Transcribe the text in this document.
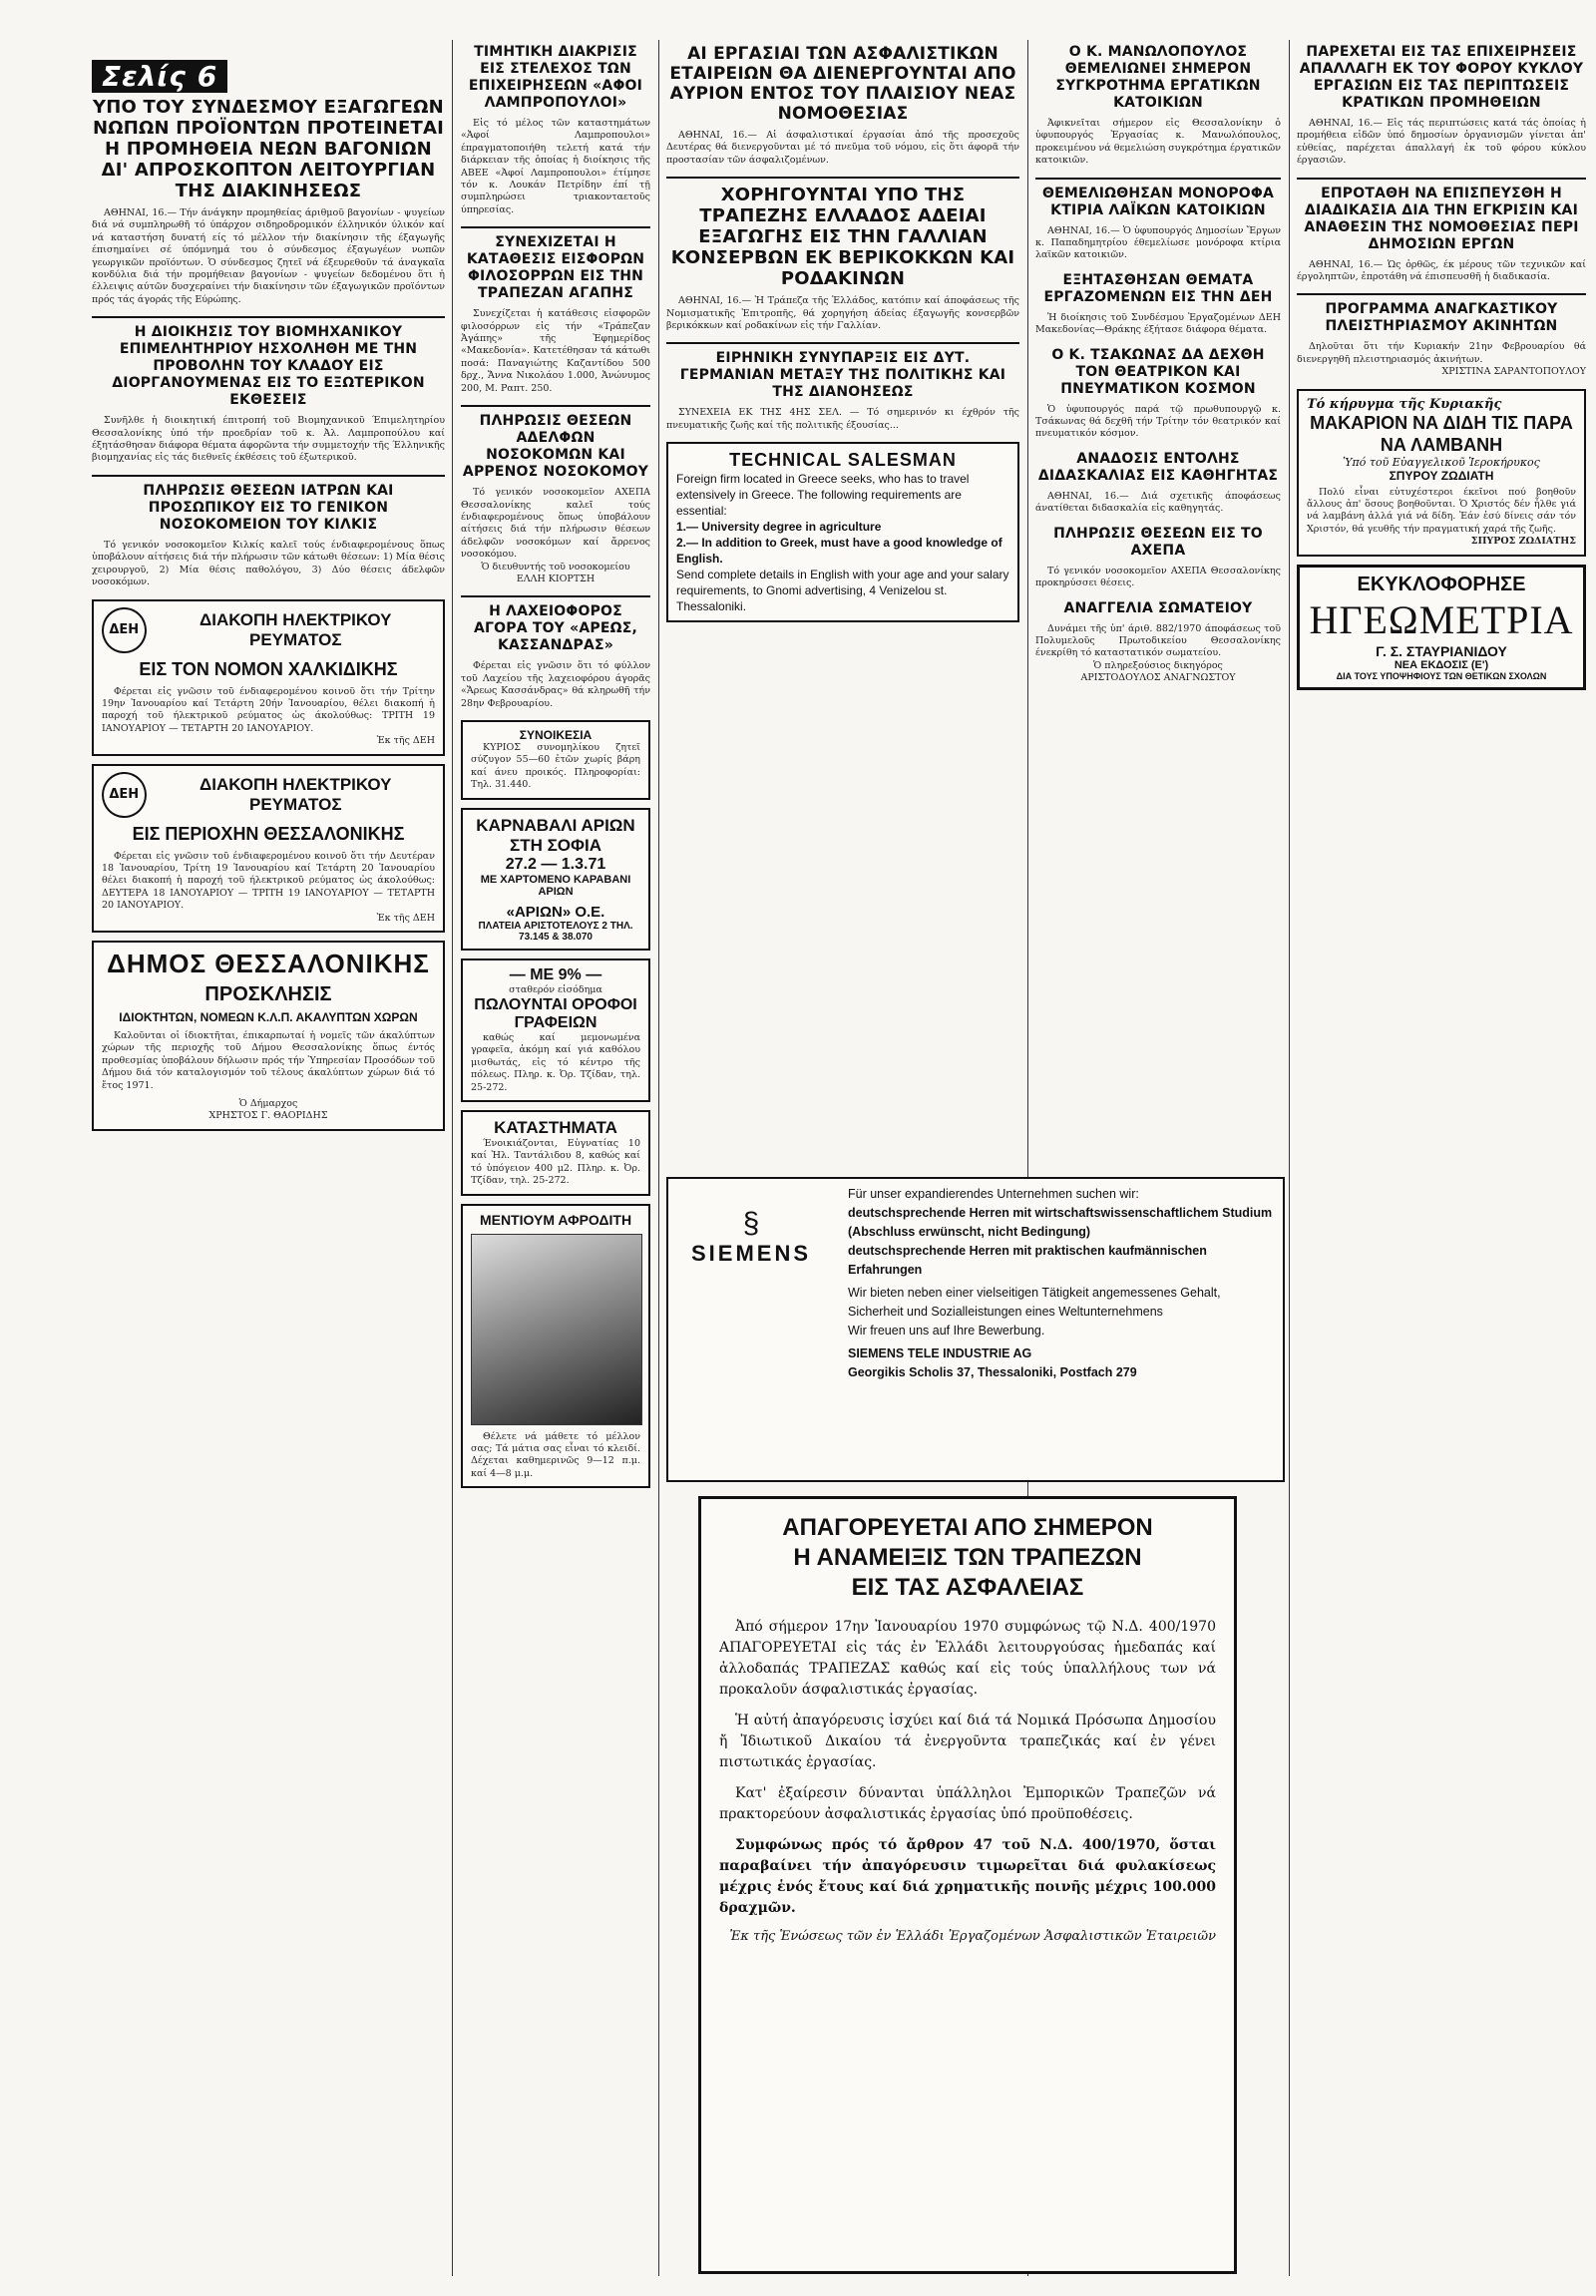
Σελίς 6
ΥΠΟ ΤΟΥ ΣΥΝΔΕΣΜΟΥ ΕΞΑΓΩΓΕΩΝ ΝΩΠΩΝ ΠΡΟΪΟΝΤΩΝ ΠΡΟΤΕΙΝΕΤΑΙ Η ΠΡΟΜΗΘΕΙΑ ΝΕΩΝ ΒΑΓΟΝΙΩΝ ΔΙ' ΑΠΡΟΣΚΟΠΤΟΝ ΛΕΙΤΟΥΡΓΙΑΝ ΤΗΣ ΔΙΑΚΙΝΗΣΕΩΣ

ΑΘΗΝΑΙ, 16.— Τήν άνάγκην προμηθείας άριθμοῦ βαγονίων - ψυγείων διά νά συμπληρωθῆ τό ύπάρχον σιδηροδρομικόν έλληνικόν ύλικόν καί νά καταστήση δυνατή είς τό μέλλον τήν διακίνησιν τῆς έξαγωγῆς έπισημαίνει σέ ύπόμνημά του ὁ σύνδεσμος έξαγωγέων νωπῶν γεωργικῶν προϊόντων. Ὁ σύνδεσμος ζητεῖ νά έξευρεθοῦν τά άναγκαῖα κονδύλια διά τήν προμήθειαν βαγονίων - ψυγείων δεδομένου ὅτι ἡ έλλειψις αύτῶν δυσχεραίνει τήν διακίνησιν τῶν έξαγωγικῶν προϊόντων πρός τάς άγοράς τῆς Εύρώπης.

Η ΔΙΟΙΚΗΣΙΣ ΤΟΥ ΒΙΟΜΗΧΑΝΙΚΟΥ ΕΠΙΜΕΛΗΤΗΡΙΟΥ ΗΣΧΟΛΗΘΗ ΜΕ ΤΗΝ ΠΡΟΒΟΛΗΝ ΤΟΥ ΚΛΑΔΟΥ ΕΙΣ ΔΙΟΡΓΑΝΟΥΜΕΝΑΣ ΕΙΣ ΤΟ ΕΞΩΤΕΡΙΚΟΝ ΕΚΘΕΣΕΙΣ

Συνῆλθε ἡ διοικητική έπιτροπή τοῦ Βιομηχανικοῦ Έπιμελητηρίου Θεσσαλονίκης ὑπό τήν προεδρίαν τοῦ κ. Ἀλ. Λαμπροπούλου καί έξητάσθησαν διάφορα θέματα άφορῶντα τήν συμμετοχήν τῆς Έλληνικῆς βιομηχανίας εἰς τάς διεθνεῖς έκθέσεις τοῦ έξωτερικοῦ.

ΠΛΗΡΩΣΙΣ ΘΕΣΕΩΝ ΙΑΤΡΩΝ ΚΑΙ ΠΡΟΣΩΠΙΚΟΥ ΕΙΣ ΤΟ ΓΕΝΙΚΟΝ ΝΟΣΟΚΟΜΕΙΟΝ ΤΟΥ ΚΙΛΚΙΣ

Τό γενικόν νοσοκομεῖον Κιλκίς καλεῖ τούς ένδιαφερομένους ὅπως ὑποβάλουν αίτήσεις διά τήν πλήρωσιν τῶν κάτωθι θέσεων: 1) Μία θέσις χειρουργοῦ, 2) Μία θέσις παθολόγου, 3) Δύο θέσεις άδελφῶν νοσοκόμων.

ΔΕΗ
ΔΙΑΚΟΠΗ ΗΛΕΚΤΡΙΚΟΥ ΡΕΥΜΑΤΟΣ
ΕΙΣ ΤΟΝ ΝΟΜΟΝ ΧΑΛΚΙΔΙΚΗΣ

Φέρεται εἰς γνῶσιν τοῦ ένδιαφερομένου κοινοῦ ὅτι τήν Τρίτην 19ην Ἰανουαρίου καί Τετάρτη 20ήν Ἰανουαρίου, θέλει διακοπή ἡ παροχή τοῦ ήλεκτρικοῦ ρεύματος ὡς άκολούθως: ΤΡΙΤΗ 19 ΙΑΝΟΥΑΡΙΟΥ — ΤΕΤΑΡΤΗ 20 ΙΑΝΟΥΑΡΙΟΥ.

Ἐκ τῆς ΔΕΗ
ΔΕΗ
ΔΙΑΚΟΠΗ ΗΛΕΚΤΡΙΚΟΥ ΡΕΥΜΑΤΟΣ
ΕΙΣ ΠΕΡΙΟΧΗΝ ΘΕΣΣΑΛΟΝΙΚΗΣ

Φέρεται εἰς γνῶσιν τοῦ ένδιαφερομένου κοινοῦ ὅτι τήν Δευτέραν 18 Ἰανουαρίου, Τρίτη 19 Ἰανουαρίου καί Τετάρτη 20 Ἰανουαρίου θέλει διακοπή ἡ παροχή τοῦ ήλεκτρικοῦ ρεύματος ὡς άκολούθως: ΔΕΥΤΕΡΑ 18 ΙΑΝΟΥΑΡΙΟΥ — ΤΡΙΤΗ 19 ΙΑΝΟΥΑΡΙΟΥ — ΤΕΤΑΡΤΗ 20 ΙΑΝΟΥΑΡΙΟΥ.

Ἐκ τῆς ΔΕΗ
ΔΗΜΟΣ ΘΕΣΣΑΛΟΝΙΚΗΣ
ΠΡΟΣΚΛΗΣΙΣ
ΙΔΙΟΚΤΗΤΩΝ, ΝΟΜΕΩΝ Κ.Λ.Π. ΑΚΑΛΥΠΤΩΝ ΧΩΡΩΝ

Καλοῦνται οἱ ίδιοκτῆται, έπικαρπωταί ἡ νομεῖς τῶν άκαλύπτων χώρων τῆς περιοχῆς τοῦ Δήμου Θεσσαλονίκης ὅπως έντός προθεσμίας ὑποβάλουν δήλωσιν πρός τήν Ὑπηρεσίαν Προσόδων τοῦ Δήμου διά τόν καταλογισμόν τοῦ τέλους άκαλύπτων χώρων διά τό ἔτος 1971.

Ὁ Δήμαρχος
ΧΡΗΣΤΟΣ Γ. ΘΑΟΡΙΔΗΣ
ΤΙΜΗΤΙΚΗ ΔΙΑΚΡΙΣΙΣ ΕΙΣ ΣΤΕΛΕΧΟΣ ΤΩΝ ΕΠΙΧΕΙΡΗΣΕΩΝ «ΑΦΟΙ ΛΑΜΠΡΟΠΟΥΛΟΙ»

Εἰς τό μέλος τῶν καταστημάτων «Ἀφοί Λαμπροπουλοι» έπραγματοποιήθη τελετή κατά τήν διάρκειαν τῆς ὁποίας ἡ διοίκησις τῆς ΑΒΕΕ «Ἀφοί Λαμπροπουλοι» έτίμησε τόν κ. Λουκάν Πετρίδην έπί τῇ συμπληρώσει τριακονταετοῦς ύπηρεσίας.

ΣΥΝΕΧΙΖΕΤΑΙ Η ΚΑΤΑΘΕΣΙΣ ΕΙΣΦΟΡΩΝ ΦΙΛΟΣΟΡΡΩΝ ΕΙΣ ΤΗΝ ΤΡΑΠΕΖΑΝ ΑΓΑΠΗΣ

Συνεχίζεται ἡ κατάθεσις εἰσφορῶν φιλοσόρρων εἰς τήν «Τράπεζαν Ἀγάπης» τῆς Ἐφημερίδος «Μακεδονία». Κατετέθησαν τά κάτωθι ποσά: Παναγιώτης Καζαντίδου 500 δρχ., Ἄννα Νικολάου 1.000, Ἀνώνυμος 200, Μ. Ραπτ. 250.

ΠΛΗΡΩΣΙΣ ΘΕΣΕΩΝ ΑΔΕΛΦΩΝ ΝΟΣΟΚΟΜΩΝ ΚΑΙ ΑΡΡΕΝΟΣ ΝΟΣΟΚΟΜΟΥ

Τό γενικόν νοσοκομεῖον ΑΧΕΠΑ Θεσσαλονίκης καλεῖ τούς ένδιαφερομένους ὅπως ὑποβάλουν αίτήσεις διά τήν πλήρωσιν θέσεων άδελφῶν νοσοκόμων καί ἄρρενος νοσοκόμου.

Ὁ διευθυντής τοῦ νοσοκομείου
ΕΛΛΗ ΚΙΟΡΤΣΗ
Η ΛΑΧΕΙΟΦΟΡΟΣ ΑΓΟΡΑ ΤΟΥ «ΑΡΕΩΣ, ΚΑΣΣΑΝΔΡΑΣ»

Φέρεται εἰς γνῶσιν ὅτι τό φύλλον τοῦ Λαχείου τῆς λαχειοφόρου άγορᾶς «Ἄρεως Κασσάνδρας» θά κληρωθῆ τήν 28ην Φεβρουαρίου.

ΣΥΝΟΙΚΕΣΙΑ

ΚΥΡΙΟΣ συνομηλίκου ζητεῖ σύζυγον 55—60 ἐτῶν χωρίς βάρη καί άνευ προικός. Πληροφορίαι: Τηλ. 31.440.

ΚΑΡΝΑΒΑΛΙ ΑΡΙΩΝ ΣΤΗ ΣΟΦΙΑ
27.2 — 1.3.71
ΜΕ ΧΑΡΤΟΜΕΝΟ ΚΑΡΑΒΑΝΙ ΑΡΙΩΝ
«ΑΡΙΩΝ» Ο.Ε.
ΠΛΑΤΕΙΑ ΑΡΙΣΤΟΤΕΛΟΥΣ 2 ΤΗΛ. 73.145 & 38.070
— ΜΕ 9% —
σταθερόν εἰσόδημα
ΠΩΛΟΥΝΤΑΙ ΟΡΟΦΟΙ ΓΡΑΦΕΙΩΝ

καθώς καί μεμονωμένα γραφεῖα, ἀκόμη καί γιά καθόλου μισθωτάς, εἰς τό κέντρο τῆς πόλεως. Πληρ. κ. Ὀρ. Τζίδαν, τηλ. 25-272.

ΚΑΤΑΣΤΗΜΑΤΑ

Ένοικιάζονται, Εὐγνατίας 10 καί Ἠλ. Ταντάλιδου 8, καθώς καί τό ὑπόγειον 400 μ2. Πληρ. κ. Ὀρ. Τζίδαν, τηλ. 25-272.

ΜΕΝΤΙΟΥΜ ΑΦΡΟΔΙΤΗ

Θέλετε νά μάθετε τό μέλλον σας; Τά μάτια σας εἶναι τό κλειδί. Δέχεται καθημερινῶς 9—12 π.μ. καί 4—8 μ.μ.

ΑΙ ΕΡΓΑΣΙΑΙ ΤΩΝ ΑΣΦΑΛΙΣΤΙΚΩΝ ΕΤΑΙΡΕΙΩΝ ΘΑ ΔΙΕΝΕΡΓΟΥΝΤΑΙ ΑΠΟ ΑΥΡΙΟΝ ΕΝΤΟΣ ΤΟΥ ΠΛΑΙΣΙΟΥ ΝΕΑΣ ΝΟΜΟΘΕΣΙΑΣ

ΑΘΗΝΑΙ, 16.— Αἱ άσφαλιστικαί έργασίαι ἀπό τῆς προσεχοῦς Δευτέρας θά διενεργοῦνται μέ τό πνεῦμα τοῦ νόμου, εἰς ὅτι άφορᾶ τήν προστασίαν τῶν άσφαλιζομένων.

ΧΟΡΗΓΟΥΝΤΑΙ ΥΠΟ ΤΗΣ ΤΡΑΠΕΖΗΣ ΕΛΛΑΔΟΣ ΑΔΕΙΑΙ ΕΞΑΓΩΓΗΣ ΕΙΣ ΤΗΝ ΓΑΛΛΙΑΝ ΚΟΝΣΕΡΒΩΝ ΕΚ ΒΕΡΙΚΟΚΚΩΝ ΚΑΙ ΡΟΔΑΚΙΝΩΝ

ΑΘΗΝΑΙ, 16.— Ἡ Τράπεζα τῆς Ἑλλάδος, κατόπιν καί άποφάσεως τῆς Νομισματικῆς Ἐπιτροπῆς, θά χορηγήση άδείας έξαγωγῆς κονσερβῶν βερικόκκων καί ροδακίνων εἰς τήν Γαλλίαν.

ΕΙΡΗΝΙΚΗ ΣΥΝΥΠΑΡΞΙΣ ΕΙΣ ΔΥΤ. ΓΕΡΜΑΝΙΑΝ ΜΕΤΑΞΥ ΤΗΣ ΠΟΛΙΤΙΚΗΣ ΚΑΙ ΤΗΣ ΔΙΑΝΟΗΣΕΩΣ

ΣΥΝΕΧΕΙΑ ΕΚ ΤΗΣ 4ΗΣ ΣΕΛ. — Τό σημερινόν κι έχθρόν τῆς πνευματικῆς ζωῆς καί τῆς πολιτικῆς έξουσίας...

TECHNICAL SALESMAN
Foreign firm located in Greece seeks, who has to travel extensively in Greece. The following requirements are essential:
1.— University degree in agriculture
2.— In addition to Greek, must have a good knowledge of English.
Send complete details in English with your age and your salary requirements, to Gnomi advertising, 4 Venizelou st. Thessaloniki.
Ο Κ. ΜΑΝΩΛΟΠΟΥΛΟΣ ΘΕΜΕΛΙΩΝΕΙ ΣΗΜΕΡΟΝ ΣΥΓΚΡΟΤΗΜΑ ΕΡΓΑΤΙΚΩΝ ΚΑΤΟΙΚΙΩΝ

Ἀφικνεῖται σήμερον εἰς Θεσσαλονίκην ὁ ὑφυπουργός Ἐργασίας κ. Μανωλόπουλος, προκειμένου νά θεμελιώση συγκρότημα έργατικῶν κατοικιῶν.

ΘΕΜΕΛΙΩΘΗΣΑΝ ΜΟΝΟΡΟΦΑ ΚΤΙΡΙΑ ΛΑΪΚΩΝ ΚΑΤΟΙΚΙΩΝ

ΑΘΗΝΑΙ, 16.— Ὁ ὑφυπουργός Δημοσίων Ἔργων κ. Παπαδημητρίου έθεμελίωσε μονόροφα κτίρια λαϊκῶν κατοικιῶν.

ΕΞΗΤΑΣΘΗΣΑΝ ΘΕΜΑΤΑ ΕΡΓΑΖΟΜΕΝΩΝ ΕΙΣ ΤΗΝ ΔΕΗ

Ἡ διοίκησις τοῦ Συνδέσμου Ἐργαζομένων ΔΕΗ Μακεδονίας—Θράκης έξήτασε διάφορα θέματα.

Ο Κ. ΤΣΑΚΩΝΑΣ ΔΑ ΔΕΧΘΗ ΤΟΝ ΘΕΑΤΡΙΚΟΝ ΚΑΙ ΠΝΕΥΜΑΤΙΚΟΝ ΚΟΣΜΟΝ

Ὁ ὑφυπουργός παρά τῷ πρωθυπουργῷ κ. Τσάκωνας θά δεχθῆ τήν Τρίτην τόν θεατρικόν καί πνευματικόν κόσμον.

ΑΝΑΔΟΣΙΣ ΕΝΤΟΛΗΣ ΔΙΔΑΣΚΑΛΙΑΣ ΕΙΣ ΚΑΘΗΓΗΤΑΣ

ΑΘΗΝΑΙ, 16.— Διά σχετικῆς άποφάσεως άνατίθεται διδασκαλία εἰς καθηγητάς.

ΠΛΗΡΩΣΙΣ ΘΕΣΕΩΝ ΕΙΣ ΤΟ ΑΧΕΠΑ

Τό γενικόν νοσοκομεῖον ΑΧΕΠΑ Θεσσαλονίκης προκηρύσσει θέσεις.

ΑΝΑΓΓΕΛΙΑ ΣΩΜΑΤΕΙΟΥ

Δυνάμει τῆς ὑπ' άριθ. 882/1970 άποφάσεως τοῦ Πολυμελοῦς Πρωτοδικείου Θεσσαλονίκης ένεκρίθη τό καταστατικόν σωματείου.

Ὁ πληρεξούσιος δικηγόρος
ΑΡΙΣΤΟΔΟΥΛΟΣ ΑΝΑΓΝΩΣΤΟΥ
§
SIEMENS
Für unser expandierendes Unternehmen suchen wir:
deutschsprechende Herren mit wirtschaftswissenschaftlichem Studium (Abschluss erwünscht, nicht Bedingung)
deutschsprechende Herren mit praktischen kaufmännischen Erfahrungen
Wir bieten neben einer vielseitigen Tätigkeit angemessenes Gehalt, Sicherheit und Sozialleistungen eines Weltunternehmens
Wir freuen uns auf Ihre Bewerbung.
SIEMENS TELE INDUSTRIE AG
Georgikis Scholis 37, Thessaloniki, Postfach 279
ΑΠΑΓΟΡΕΥΕΤΑΙ ΑΠΟ ΣΗΜΕΡΟΝ
Η ΑΝΑΜΕΙΞΙΣ ΤΩΝ ΤΡΑΠΕΖΩΝ
ΕΙΣ ΤΑΣ ΑΣΦΑΛΕΙΑΣ

Ἀπό σήμερον 17ην Ἰανουαρίου 1970 συμφώνως τῷ Ν.Δ. 400/1970 ΑΠΑΓΟΡΕΥΕΤΑΙ εἰς τάς ἐν Ἑλλάδι λειτουργούσας ἡμεδαπάς καί ἀλλοδαπάς ΤΡΑΠΕΖΑΣ καθώς καί εἰς τούς ὑπαλλήλους των νά προκαλοῦν άσφαλιστικάς ἐργασίας.

Ἡ αὐτή ἀπαγόρευσις ἰσχύει καί διά τά Νομικά Πρόσωπα Δημοσίου ἤ Ἰδιωτικοῦ Δικαίου τά ἐνεργοῦντα τραπεζικάς καί ἐν γένει πιστωτικάς ἐργασίας.

Κατ' ἐξαίρεσιν δύνανται ὑπάλληλοι Ἐμπορικῶν Τραπεζῶν νά πρακτορεύουν ἀσφαλιστικάς ἐργασίας ὑπό προϋποθέσεις.

Συμφώνως πρός τό ἄρθρον 47 τοῦ Ν.Δ. 400/1970, ὅσται παραβαίνει τήν ἀπαγόρευσιν τιμωρεῖται διά φυλακίσεως μέχρις ἑνός ἔτους καί διά χρηματικῆς ποινῆς μέχρις 100.000 δραχμῶν.

Ἐκ τῆς Ἑνώσεως τῶν ἐν Ἑλλάδι Ἐργαζομένων Ἀσφαλιστικῶν Ἑταιρειῶν
ΠΑΡΕΧΕΤΑΙ ΕΙΣ ΤΑΣ ΕΠΙΧΕΙΡΗΣΕΙΣ ΑΠΑΛΛΑΓΗ ΕΚ ΤΟΥ ΦΟΡΟΥ ΚΥΚΛΟΥ ΕΡΓΑΣΙΩΝ ΕΙΣ ΤΑΣ ΠΕΡΙΠΤΩΣΕΙΣ ΚΡΑΤΙΚΩΝ ΠΡΟΜΗΘΕΙΩΝ

ΑΘΗΝΑΙ, 16.— Εἰς τάς περιπτώσεις κατά τάς ὁποίας ἡ προμήθεια εἰδῶν ὑπό δημοσίων ὀργανισμῶν γίνεται ἀπ' εὐθείας, παρέχεται άπαλλαγή ἐκ τοῦ φόρου κύκλου έργασιῶν.

ΕΠΡΟΤΑΘΗ ΝΑ ΕΠΙΣΠΕΥΣΘΗ Η ΔΙΑΔΙΚΑΣΙΑ ΔΙΑ ΤΗΝ ΕΓΚΡΙΣΙΝ ΚΑΙ ΑΝΑΘΕΣΙΝ ΤΗΣ ΝΟΜΟΘΕΣΙΑΣ ΠΕΡΙ ΔΗΜΟΣΙΩΝ ΕΡΓΩΝ

ΑΘΗΝΑΙ, 16.— Ὡς ὀρθῶς, έκ μέρους τῶν τεχνικῶν καί έργοληπτῶν, ἐπροτάθη νά έπισπευσθῆ ἡ διαδικασία.

ΠΡΟΓΡΑΜΜΑ ΑΝΑΓΚΑΣΤΙΚΟΥ ΠΛΕΙΣΤΗΡΙΑΣΜΟΥ ΑΚΙΝΗΤΩΝ

Δηλοῦται ὅτι τήν Κυριακήν 21ην Φεβρουαρίου θά διενεργηθῆ πλειστηριασμός ἀκινήτων.

ΧΡΙΣΤΙΝΑ ΣΑΡΑΝΤΟΠΟΥΛΟΥ
Τό κήρυγμα τῆς Κυριακῆς
ΜΑΚΑΡΙΟΝ ΝΑ ΔΙΔΗ ΤΙΣ ΠΑΡΑ ΝΑ ΛΑΜΒΑΝΗ
Ὑπό τοῦ Εὐαγγελικοῦ Ἱεροκήρυκος
ΣΠΥΡΟΥ ΖΩΔΙΑΤΗ

Πολύ εἶναι εὐτυχέστεροι έκεῖνοι πού βοηθοῦν ἄλλους ἀπ' ὅσους βοηθοῦνται. Ὁ Χριστός δέν ἦλθε γιά νά λαμβάνη ἀλλά γιά νά δίδη. Ἐάν ἐσύ δίνεις σάν τόν Χριστόν, θά γευθῆς τήν πραγματική χαρά τῆς ζωῆς.

ΣΠΥΡΟΣ ΖΩΔΙΑΤΗΣ
ΕΚΥΚΛΟΦΟΡΗΣΕ
ΗΓΕΩΜΕΤΡΙΑ
Γ. Σ. ΣΤΑΥΡΙΑΝΙΔΟΥ
ΝΕΑ ΕΚΔΟΣΙΣ (Ε')
ΔΙΑ ΤΟΥΣ ΥΠΟΨΗΦΙΟΥΣ ΤΩΝ ΘΕΤΙΚΩΝ ΣΧΟΛΩΝ
